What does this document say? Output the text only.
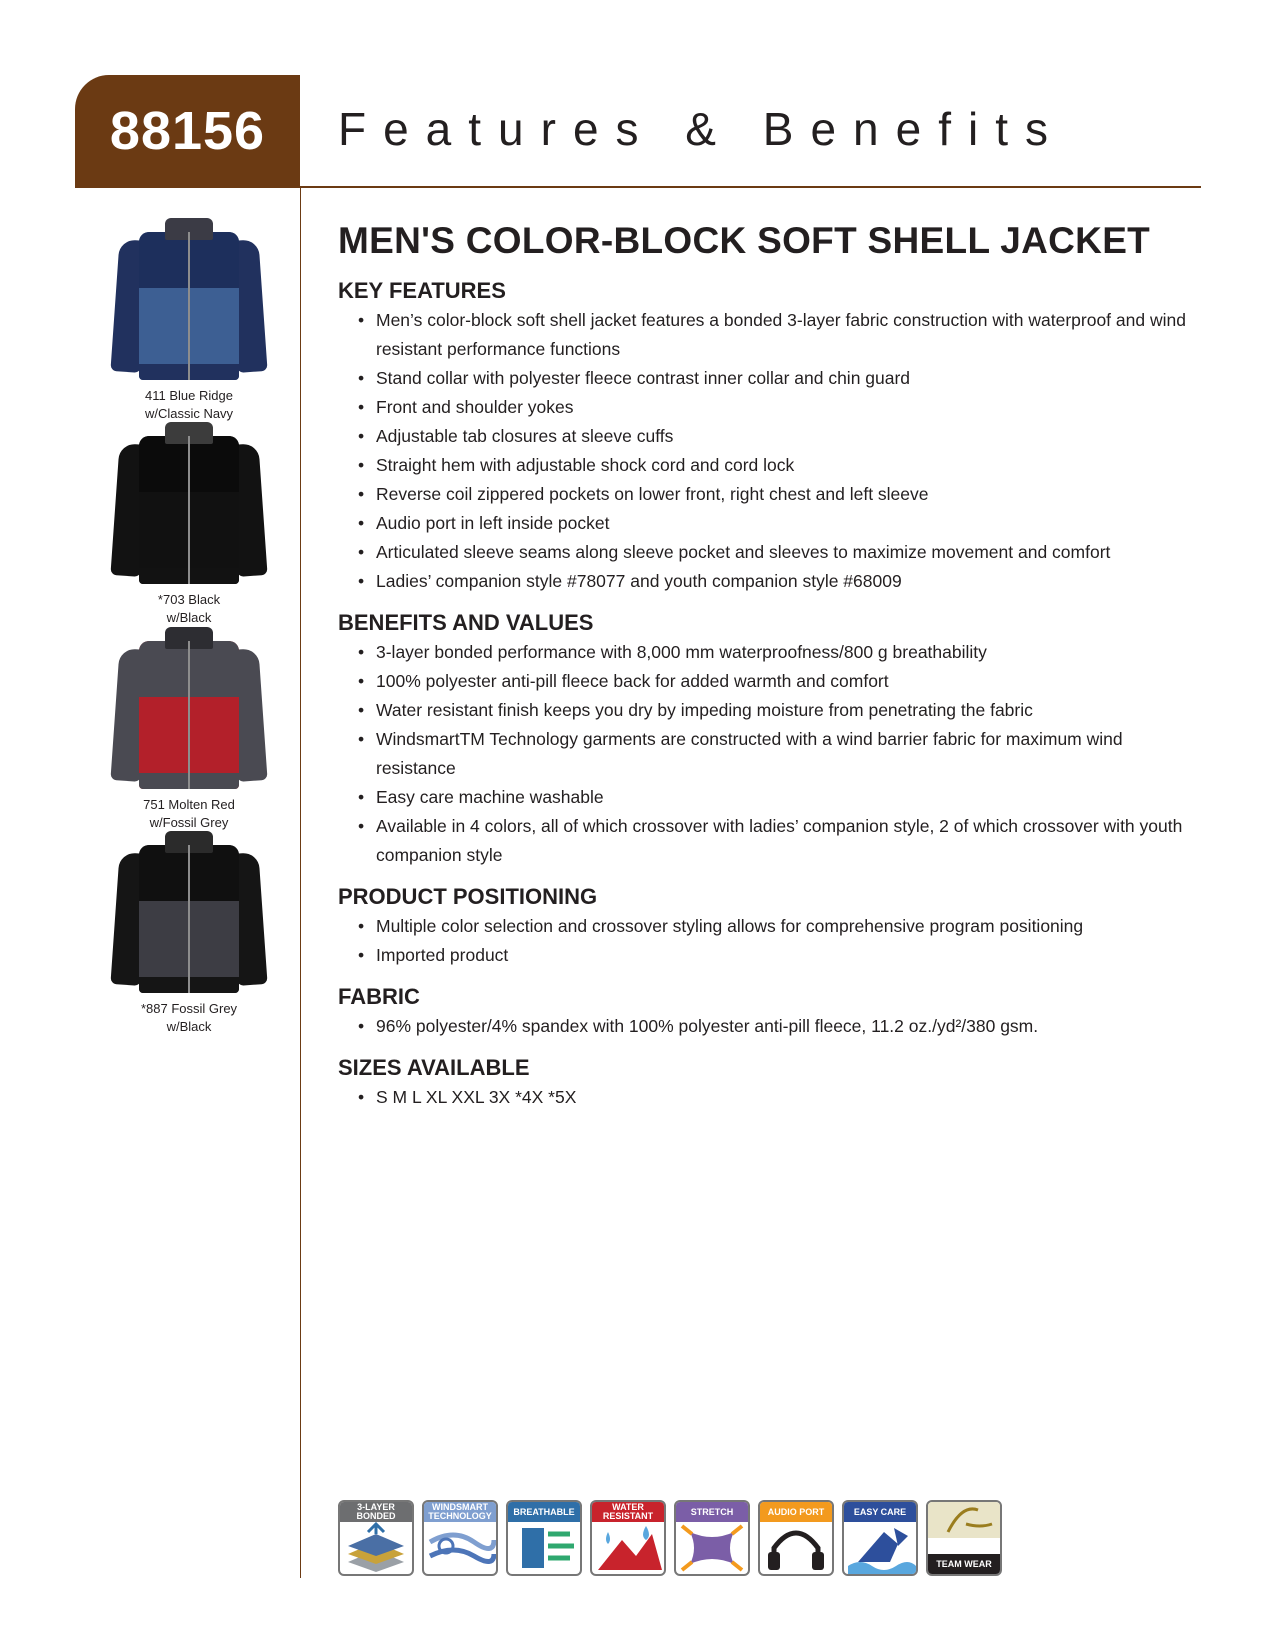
88156 Features & Benefits
411 Blue Ridge
w/Classic Navy
*703 Black
w/Black
751 Molten Red
w/Fossil Grey
*887 Fossil Grey
w/Black
MEN'S COLOR-BLOCK SOFT SHELL JACKET
KEY FEATURES
• Men’s color-block soft shell jacket features a bonded 3-layer fabric construction with waterproof and wind resistant performance functions
• Stand collar with polyester fleece contrast inner collar and chin guard
• Front and shoulder yokes
• Adjustable tab closures at sleeve cuffs
• Straight hem with adjustable shock cord and cord lock
• Reverse coil zippered pockets on lower front, right chest and left sleeve
• Audio port in left inside pocket
• Articulated sleeve seams along sleeve pocket and sleeves to maximize movement and comfort
• Ladies’ companion style #78077 and youth companion style #68009
BENEFITS AND VALUES
• 3-layer bonded performance with 8,000 mm waterproofness/800 g breathability
• 100% polyester anti-pill fleece back for added warmth and comfort
• Water resistant finish keeps you dry by impeding moisture from penetrating the fabric
• WindsmartTM Technology garments are constructed with a wind barrier fabric for maximum wind resistance
• Easy care machine washable
• Available in 4 colors, all of which crossover with ladies’ companion style, 2 of which crossover with youth companion style
PRODUCT POSITIONING
• Multiple color selection and crossover styling allows for comprehensive program positioning
• Imported product
FABRIC
• 96% polyester/4% spandex with 100% polyester anti-pill fleece, 11.2 oz./yd²/380 gsm.
SIZES AVAILABLE
• S M L XL XXL 3X *4X *5X
3-LAYER BONDED
WINDSMART TECHNOLOGY	BREATHABLE	WATER RESISTANT	STRETCH	AUDIO PORT	EASY CARE
TEAM WEAR
